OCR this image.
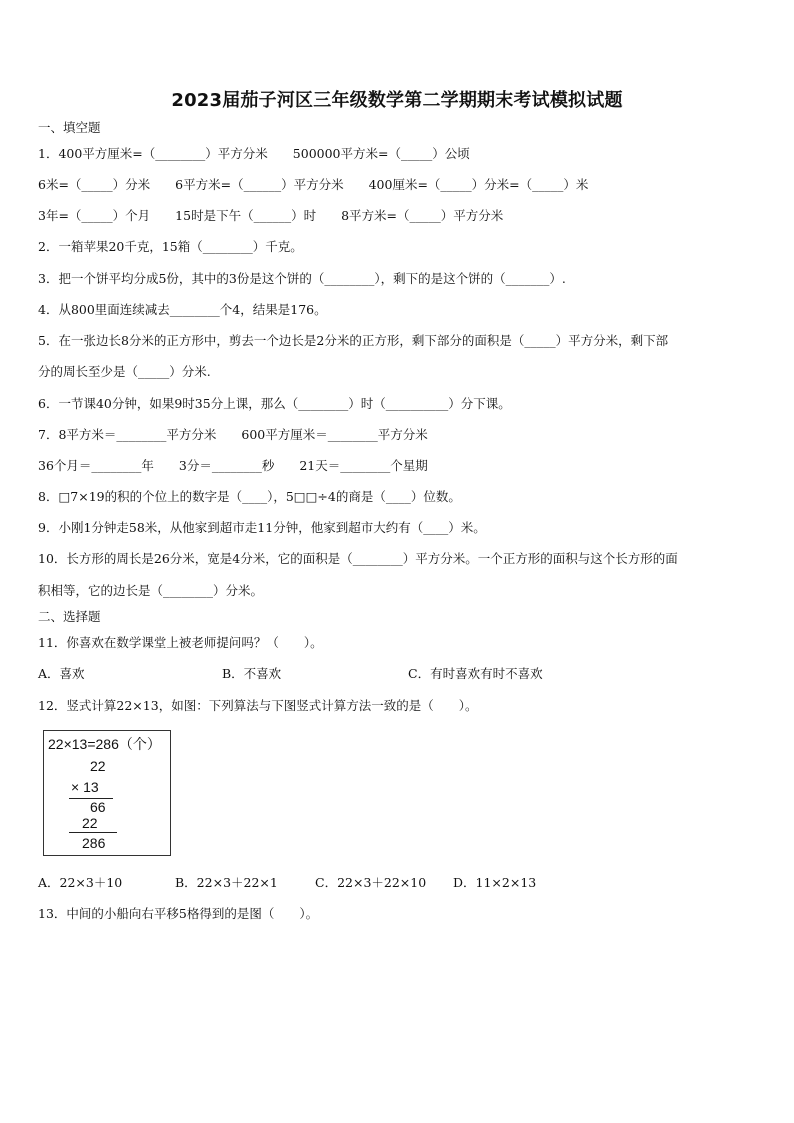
2023届茄子河区三年级数学第二学期期末考试模拟试题
一、填空题
1．400平方厘米=（________）平方分米　　500000平方米=（_____）公顷
6米=（_____）分米　　6平方米=（______）平方分米　　400厘米=（_____）分米=（_____）米
3年=（_____）个月　　15时是下午（______）时　　8平方米=（_____）平方分米
2．一箱苹果20千克，15箱（________）千克。
3．把一个饼平均分成5份，其中的3份是这个饼的（________），剩下的是这个饼的（_______）.
4．从800里面连续减去________个4，结果是176。
5．在一张边长8分米的正方形中，剪去一个边长是2分米的正方形，剩下部分的面积是（_____）平方分米，剩下部
分的周长至少是（_____）分米.
6．一节课40分钟，如果9时35分上课，那么（________）时（__________）分下课。
7．8平方米＝________平方分米　　600平方厘米＝________平方分米
36个月＝________年　　3分＝________秒　　21天＝________个星期
8．□7×19的积的个位上的数字是（____），5□□÷4的商是（____）位数。
9．小刚1分钟走58米，从他家到超市走11分钟，他家到超市大约有（____）米。
10．长方形的周长是26分米，宽是4分米，它的面积是（________）平方分米。一个正方形的面积与这个长方形的面
积相等，它的边长是（________）分米。
二、选择题
11．你喜欢在数学课堂上被老师提问吗？（　　）。
A．喜欢	B．不喜欢	C．有时喜欢有时不喜欢
12．竖式计算22×13，如图：下列算法与下图竖式计算方法一致的是（　　）。
22×13=286（个）
22
× 13
66
22
286
A．22×3＋10	B．22×3＋22×1	C．22×3＋22×10 D．11×2×13
13．中间的小船向右平移5格得到的是图（　　）。
